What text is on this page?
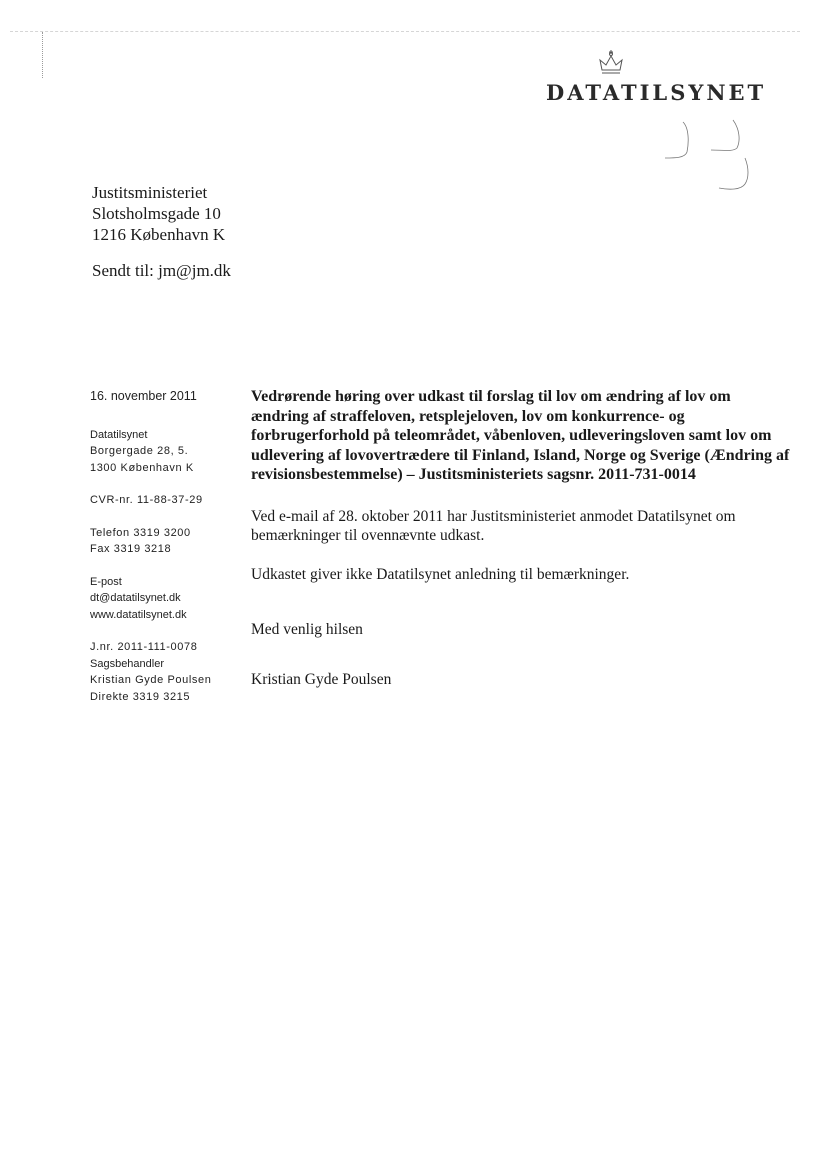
DATATILSYNET
Justitsministeriet
Slotsholmsgade 10
1216 København K
Sendt til: jm@jm.dk
16. november 2011
Datatilsynet
Borgergade 28, 5.
1300 København K
CVR-nr. 11-88-37-29
Telefon 3319 3200
Fax 3319 3218
E-post
dt@datatilsynet.dk
www.datatilsynet.dk
J.nr. 2011-111-0078
Sagsbehandler
Kristian Gyde Poulsen
Direkte 3319 3215
Vedrørende høring over udkast til forslag til lov om ændring af lov om ændring af straffeloven, retsplejeloven, lov om konkurrence- og forbrugerforhold på teleområdet, våbenloven, udleveringsloven samt lov om udlevering af lovovertrædere til Finland, Island, Norge og Sverige (Ændring af revisionsbestemmelse) – Justitsministeriets sagsnr. 2011-731-0014
Ved e-mail af 28. oktober 2011 har Justitsministeriet anmodet Datatilsynet om bemærkninger til ovennævnte udkast.
Udkastet giver ikke Datatilsynet anledning til bemærkninger.
Med venlig hilsen
Kristian Gyde Poulsen
